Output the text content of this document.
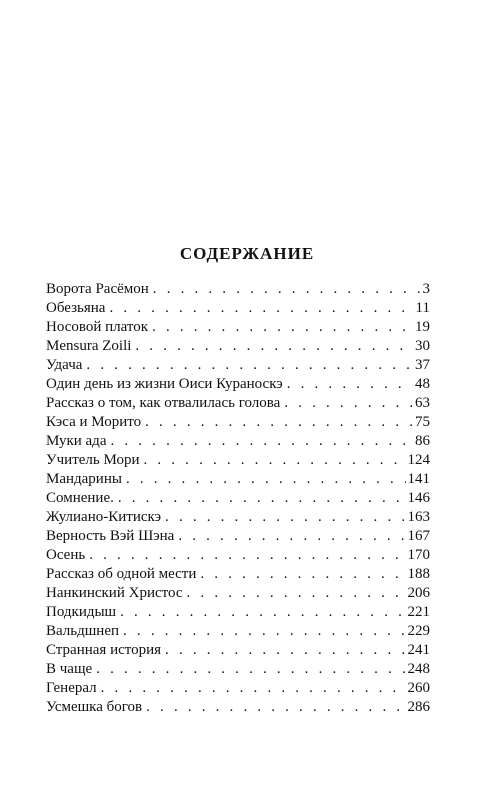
СОДЕРЖАНИЕ
Ворота Расёмон . . .	3
Обезьяна . . .	11
Носовой платок . . .	19
Mensura Zoili . . .	30
Удача . . .	37
Один день из жизни Оиси Кураноскэ . . .	48
Рассказ о том, как отвалилась голова . . .	63
Кэса и Морито . . .	75
Муки ада . . .	86
Учитель Мори . . .	124
Мандарины . . .	141
Сомнение. . . .	146
Жулиано-Китискэ . . .	163
Верность Вэй Шэна . . .	167
Осень . . .	170
Рассказ об одной мести . . .	188
Нанкинский Христос . . .	206
Подкидыш . . .	221
Вальдшнеп . . .	229
Странная история . . .	241
В чаще . . .	248
Генерал . . .	260
Усмешка богов . . .	286
